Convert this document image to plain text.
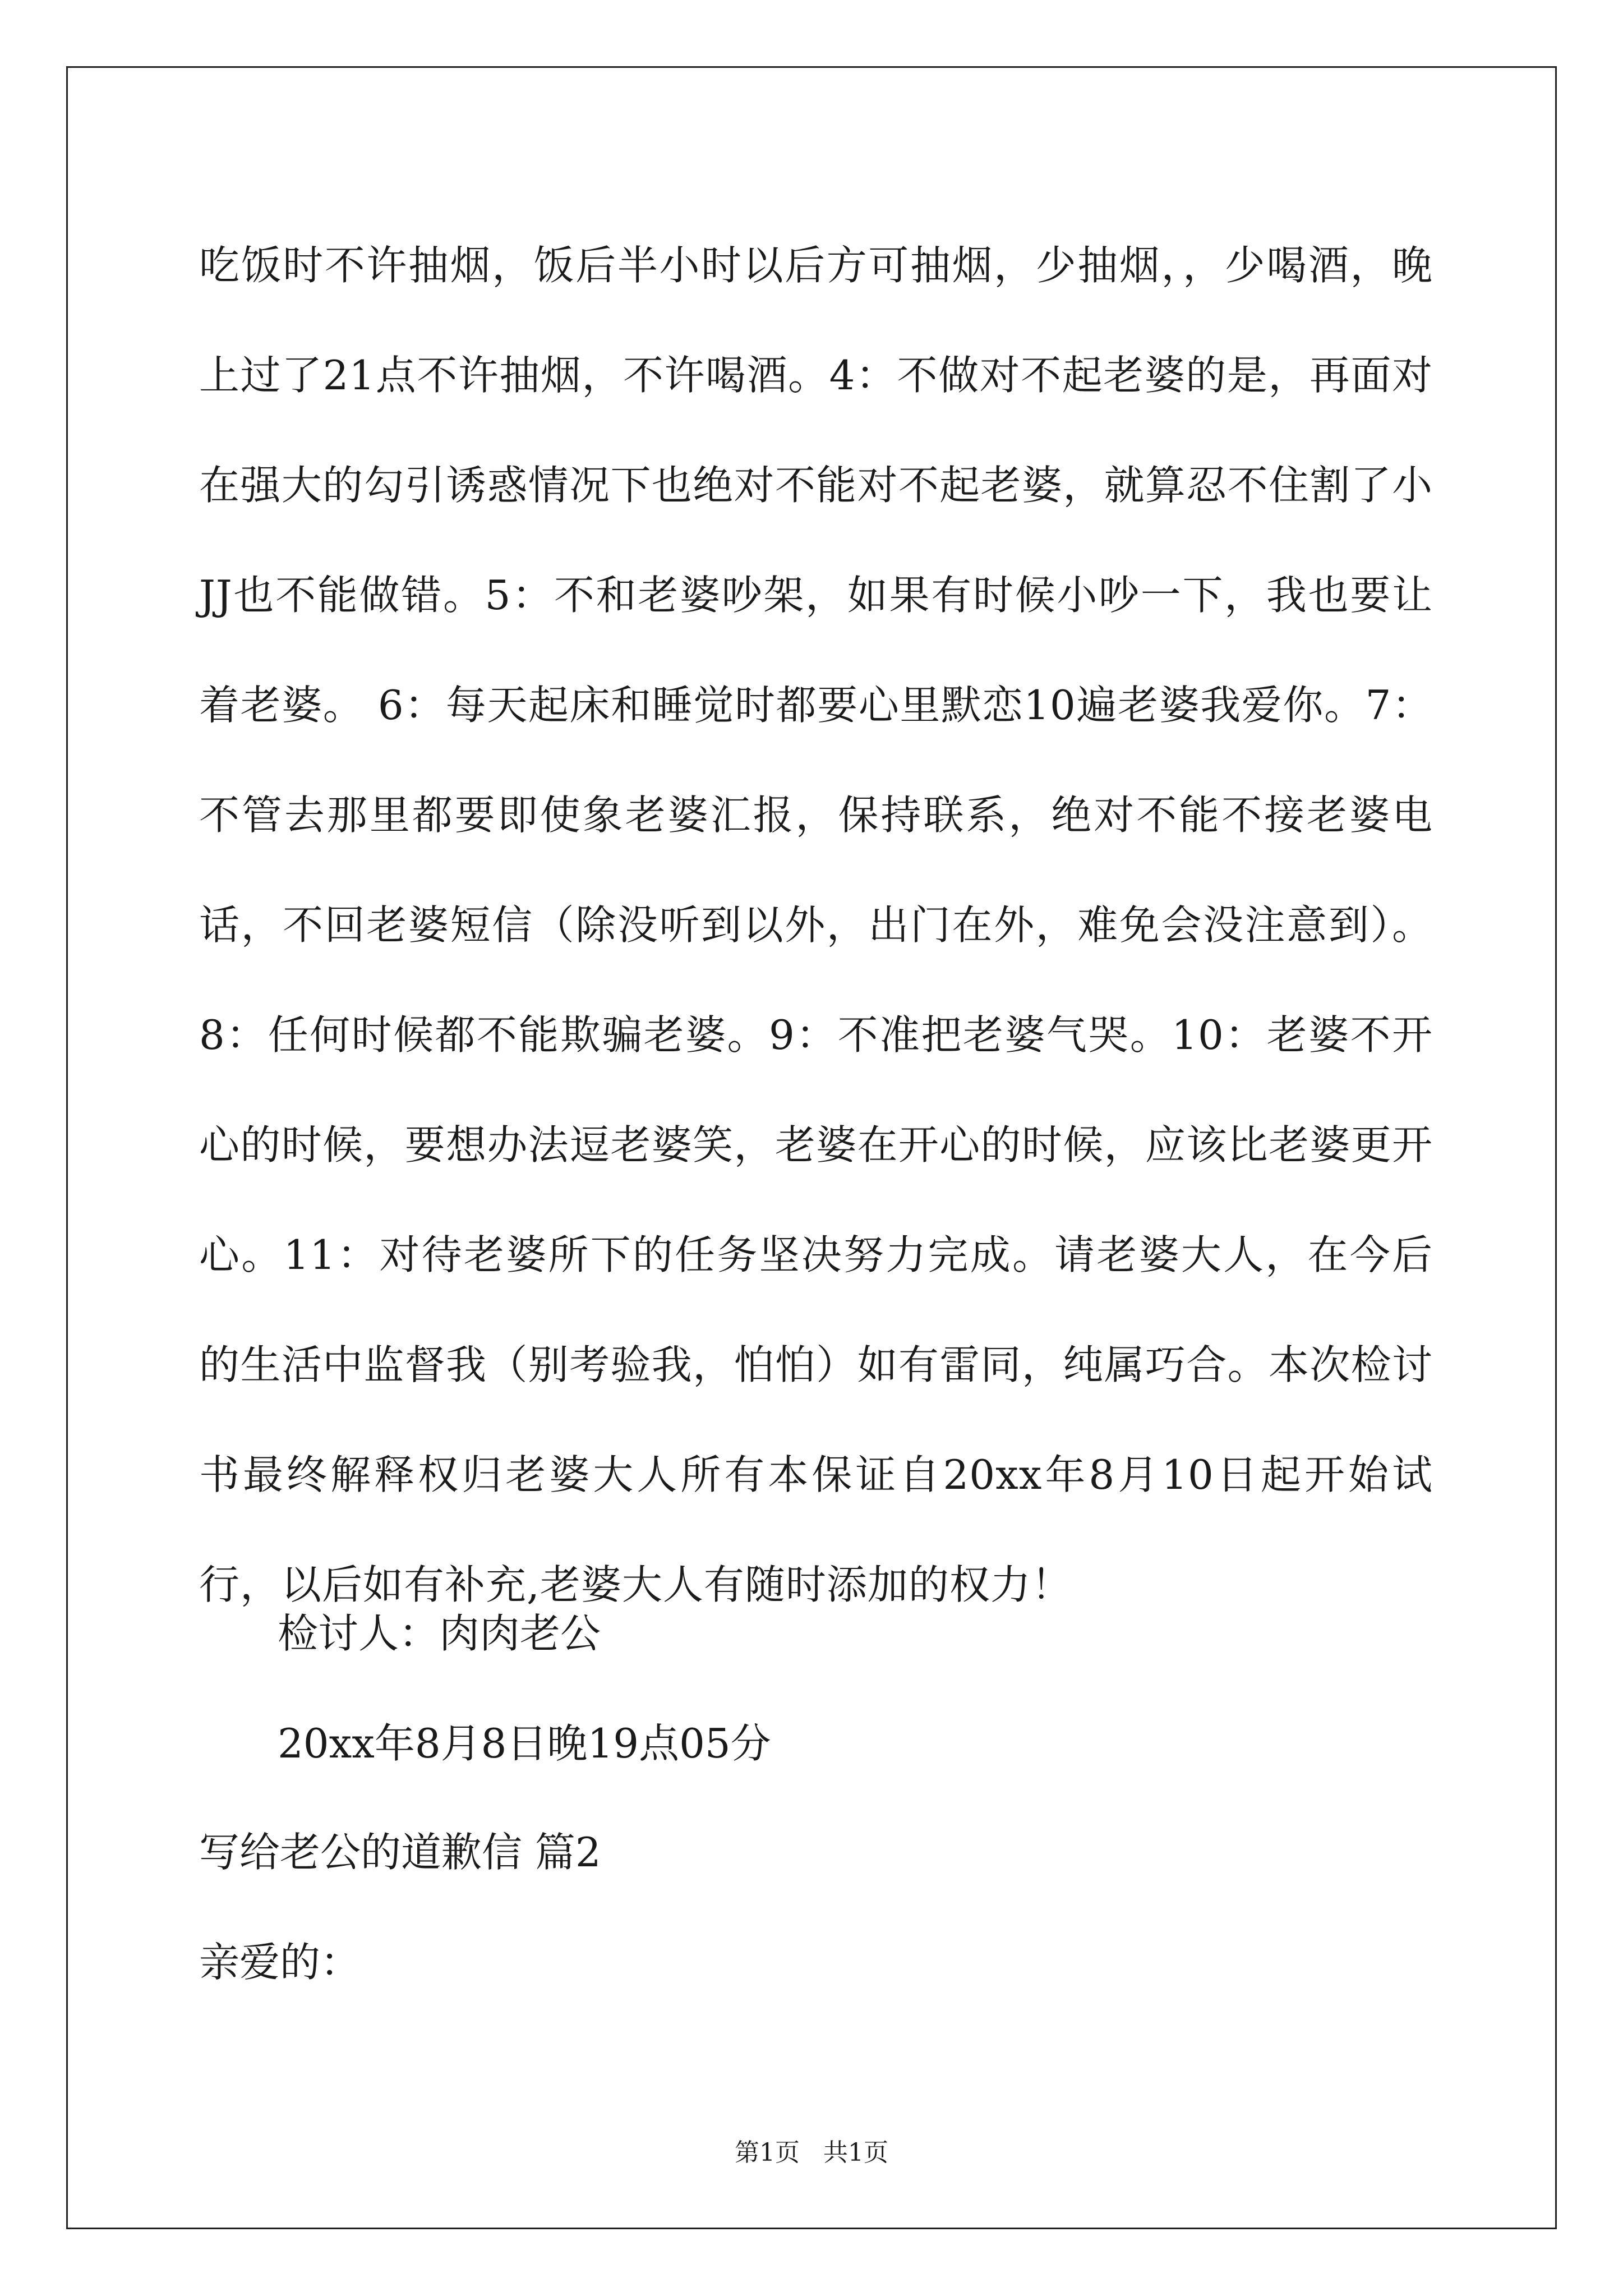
吃饭时不许抽烟，饭后半小时以后方可抽烟，少抽烟，，少喝酒，晚上过了21点不许抽烟，不许喝酒。4：不做对不起老婆的是，再面对在强大的勾引诱惑情况下也绝对不能对不起老婆，就算忍不住割了小JJ也不能做错。5：不和老婆吵架，如果有时候小吵一下，我也要让着老婆。 6：每天起床和睡觉时都要心里默恋10遍老婆我爱你。7：不管去那里都要即使象老婆汇报，保持联系，绝对不能不接老婆电话，不回老婆短信（除没听到以外，出门在外，难免会没注意到）。8：任何时候都不能欺骗老婆。9：不准把老婆气哭。10：老婆不开心的时候，要想办法逗老婆笑，老婆在开心的时候，应该比老婆更开心。11：对待老婆所下的任务坚决努力完成。请老婆大人，在今后的生活中监督我（别考验我，怕怕）如有雷同，纯属巧合。本次检讨书最终解释权归老婆大人所有本保证自20xx年8月10日起开始试行，以后如有补充,老婆大人有随时添加的权力！

检讨人：肉肉老公
20xx年8月8日晚19点05分
写给老公的道歉信 篇2
亲爱的：
第1页   共1页
